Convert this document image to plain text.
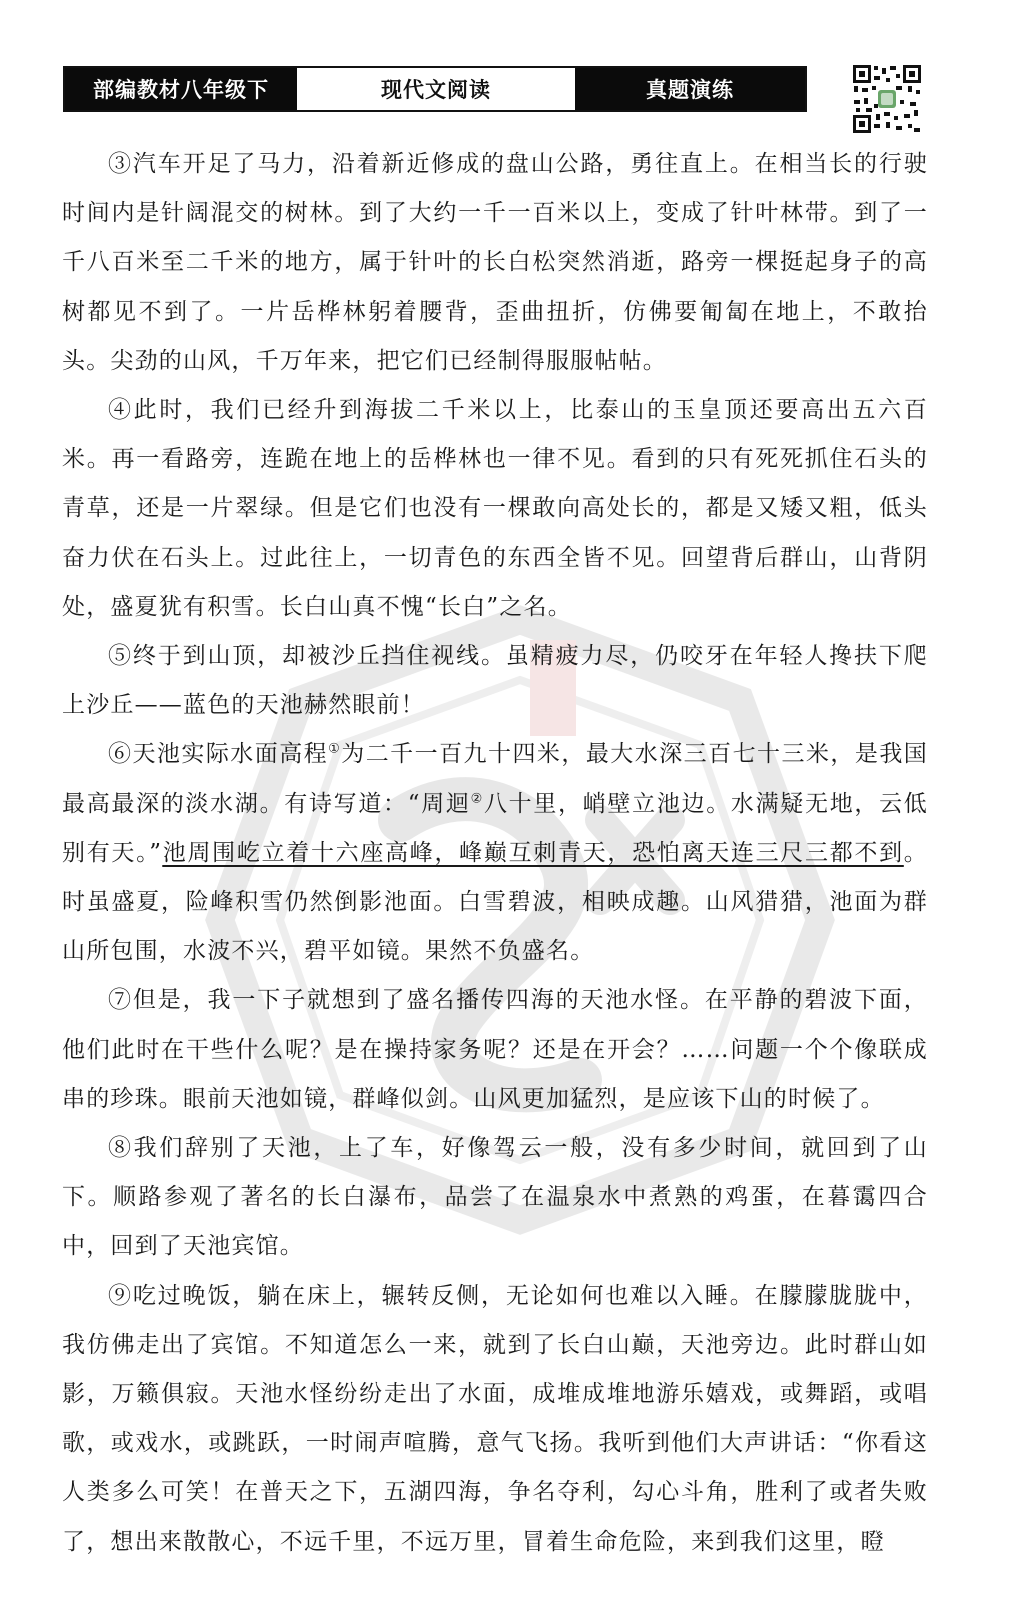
部编教材八年级下	现代文阅读	真题演练

③汽车开足了马力，沿着新近修成的盘山公路，勇往直上。在相当长的行驶时间内是针阔混交的树林。到了大约一千一百米以上，变成了针叶林带。到了一千八百米至二千米的地方，属于针叶的长白松突然消逝，路旁一棵挺起身子的高树都见不到了。一片岳桦林躬着腰背，歪曲扭折，仿佛要匍匐在地上，不敢抬头。尖劲的山风，千万年来，把它们已经制得服服帖帖。

④此时，我们已经升到海拔二千米以上，比泰山的玉皇顶还要高出五六百米。再一看路旁，连跪在地上的岳桦林也一律不见。看到的只有死死抓住石头的青草，还是一片翠绿。但是它们也没有一棵敢向高处长的，都是又矮又粗，低头奋力伏在石头上。过此往上，一切青色的东西全皆不见。回望背后群山，山背阴处，盛夏犹有积雪。长白山真不愧“长白”之名。

⑤终于到山顶，却被沙丘挡住视线。虽精疲力尽，仍咬牙在年轻人搀扶下爬上沙丘——蓝色的天池赫然眼前！

⑥天池实际水面高程①为二千一百九十四米，最大水深三百七十三米，是我国最高最深的淡水湖。有诗写道：“周迴②八十里，峭壁立池边。水满疑无地，云低别有天。”池周围屹立着十六座高峰，峰巅互刺青天，恐怕离天连三尺三都不到。时虽盛夏，险峰积雪仍然倒影池面。白雪碧波，相映成趣。山风猎猎，池面为群山所包围，水波不兴，碧平如镜。果然不负盛名。

⑦但是，我一下子就想到了盛名播传四海的天池水怪。在平静的碧波下面，他们此时在干些什么呢？是在操持家务呢？还是在开会？……问题一个个像联成串的珍珠。眼前天池如镜，群峰似剑。山风更加猛烈，是应该下山的时候了。

⑧我们辞别了天池，上了车，好像驾云一般，没有多少时间，就回到了山下。顺路参观了著名的长白瀑布，品尝了在温泉水中煮熟的鸡蛋，在暮霭四合中，回到了天池宾馆。

⑨吃过晚饭，躺在床上，辗转反侧，无论如何也难以入睡。在朦朦胧胧中，我仿佛走出了宾馆。不知道怎么一来，就到了长白山巅，天池旁边。此时群山如影，万籁俱寂。天池水怪纷纷走出了水面，成堆成堆地游乐嬉戏，或舞蹈，或唱歌，或戏水，或跳跃，一时闹声喧腾，意气飞扬。我听到他们大声讲话：“你看这人类多么可笑！在普天之下，五湖四海，争名夺利，勾心斗角，胜利了或者失败了，想出来散散心，不远千里，不远万里，冒着生命危险，来到我们这里，瞪
